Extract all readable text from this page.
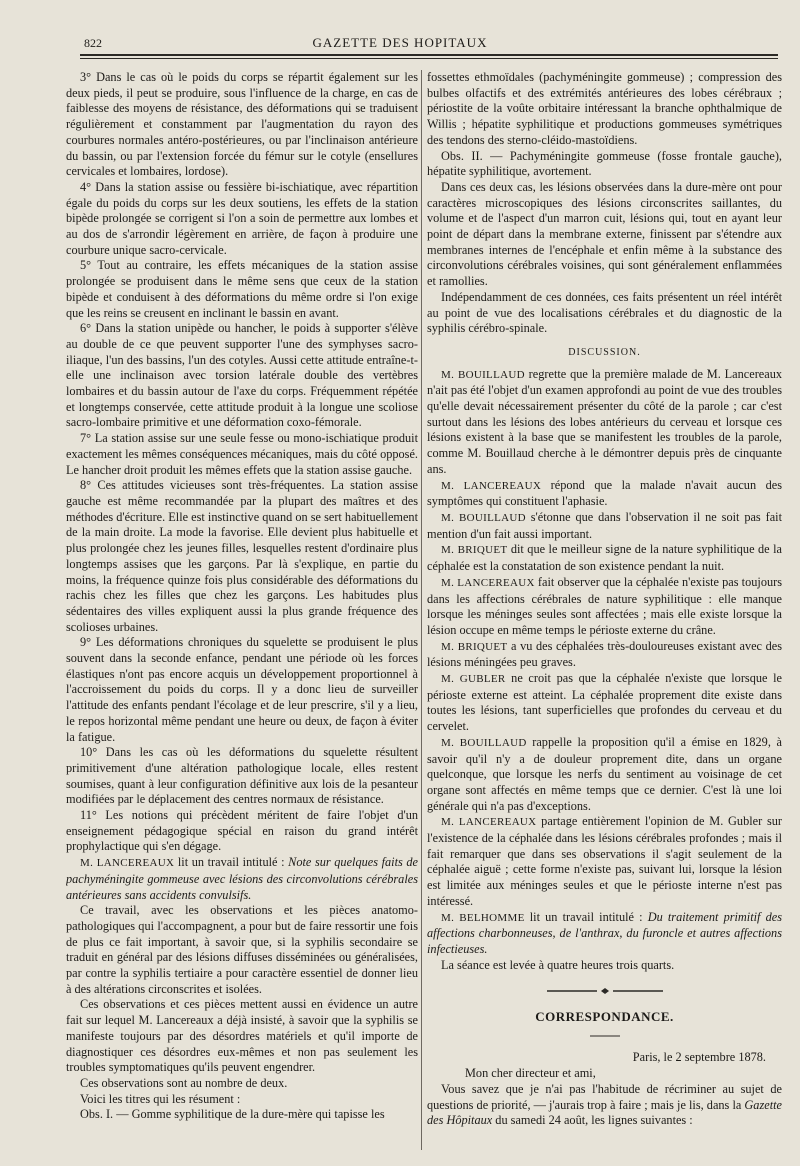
822	GAZETTE DES HOPITAUX

3° Dans le cas où le poids du corps se répartit également sur les deux pieds, il peut se produire, sous l'influence de la charge, en cas de faiblesse des moyens de résistance, des déformations qui se traduisent régulièrement et constamment par l'augmentation du rayon des courbures normales antéro-postérieures, ou par l'inclinaison antérieure du bassin, ou par l'extension forcée du fémur sur le cotyle (ensellures cervicales et lombaires, lordose).

4° Dans la station assise ou fessière bi-ischiatique, avec répartition égale du poids du corps sur les deux soutiens, les effets de la station bipède prolongée se corrigent si l'on a soin de permettre aux lombes et au dos de s'arrondir légèrement en arrière, de façon à produire une courbure unique sacro-cervicale.

5° Tout au contraire, les effets mécaniques de la station assise prolongée se produisent dans le même sens que ceux de la station bipède et conduisent à des déformations du même ordre si l'on exige que les reins se creusent en inclinant le bassin en avant.

6° Dans la station unipède ou hancher, le poids à supporter s'élève au double de ce que peuvent supporter l'une des symphyses sacro-iliaque, l'un des bassins, l'un des cotyles. Aussi cette attitude entraîne-t-elle une inclinaison avec torsion latérale double des vertèbres lombaires et du bassin autour de l'axe du corps. Fréquemment répétée et longtemps conservée, cette attitude produit à la longue une scoliose sacro-lombaire primitive et une déformation coxo-fémorale.

7° La station assise sur une seule fesse ou mono-ischiatique produit exactement les mêmes conséquences mécaniques, mais du côté opposé. Le hancher droit produit les mêmes effets que la station assise gauche.

8° Ces attitudes vicieuses sont très-fréquentes. La station assise gauche est même recommandée par la plupart des maîtres et des méthodes d'écriture. Elle est instinctive quand on se sert habituellement de la main droite. La mode la favorise. Elle devient plus habituelle et plus prolongée chez les jeunes filles, lesquelles restent d'ordinaire plus longtemps assises que les garçons. Par là s'explique, en partie du moins, la fréquence quinze fois plus considérable des déformations du rachis chez les filles que chez les garçons. Les habitudes plus sédentaires des villes expliquent aussi la plus grande fréquence des scolioses urbaines.

9° Les déformations chroniques du squelette se produisent le plus souvent dans la seconde enfance, pendant une période où les forces élastiques n'ont pas encore acquis un développement proportionnel à l'accroissement du poids du corps. Il y a donc lieu de surveiller l'attitude des enfants pendant l'écolage et de leur prescrire, s'il y a lieu, le repos horizontal même pendant une heure ou deux, de façon à éviter la fatigue.

10° Dans les cas où les déformations du squelette résultent primitivement d'une altération pathologique locale, elles restent soumises, quant à leur configuration définitive aux lois de la pesanteur modifiées par le déplacement des centres normaux de résistance.

11° Les notions qui précèdent méritent de faire l'objet d'un enseignement pédagogique spécial en raison du grand intérêt prophylactique qui s'en dégage.

M. LANCEREAUX lit un travail intitulé : Note sur quelques faits de pachyméningite gommeuse avec lésions des circonvolutions cérébrales antérieures sans accidents convulsifs.

Ce travail, avec les observations et les pièces anatomo-pathologiques qui l'accompagnent, a pour but de faire ressortir une fois de plus ce fait important, à savoir que, si la syphilis secondaire se traduit en général par des lésions diffuses disséminées ou généralisées, par contre la syphilis tertiaire a pour caractère essentiel de donner lieu à des altérations circonscrites et isolées.

Ces observations et ces pièces mettent aussi en évidence un autre fait sur lequel M. Lancereaux a déjà insisté, à savoir que la syphilis se manifeste toujours par des désordres matériels et qu'il importe de diagnostiquer ces désordres eux-mêmes et non pas seulement les troubles symptomatiques qu'ils peuvent engendrer.

Ces observations sont au nombre de deux.

Voici les titres qui les résument :

Obs. I. — Gomme syphilitique de la dure-mère qui tapisse les

fossettes ethmoïdales (pachyméningite gommeuse) ; compression des bulbes olfactifs et des extrémités antérieures des lobes cérébraux ; périostite de la voûte orbitaire intéressant la branche ophthalmique de Willis ; hépatite syphilitique et productions gommeuses symétriques des tendons des sterno-cléido-mastoïdiens.

Obs. II. — Pachyméningite gommeuse (fosse frontale gauche), hépatite syphilitique, avortement.

Dans ces deux cas, les lésions observées dans la dure-mère ont pour caractères microscopiques des lésions circonscrites saillantes, du volume et de l'aspect d'un marron cuit, lésions qui, tout en ayant leur point de départ dans la membrane externe, finissent par s'étendre aux membranes internes de l'encéphale et enfin même à la substance des circonvolutions cérébrales voisines, qui sont généralement enflammées et ramollies.

Indépendamment de ces données, ces faits présentent un réel intérêt au point de vue des localisations cérébrales et du diagnostic de la syphilis cérébro-spinale.

DISCUSSION.

M. BOUILLAUD regrette que la première malade de M. Lancereaux n'ait pas été l'objet d'un examen approfondi au point de vue des troubles qu'elle devait nécessairement présenter du côté de la parole ; car c'est surtout dans les lésions des lobes antérieurs du cerveau et lorsque ces lésions existent à la base que se manifestent les troubles de la parole, comme M. Bouillaud cherche à le démontrer depuis près de cinquante ans.

M. LANCEREAUX répond que la malade n'avait aucun des symptômes qui constituent l'aphasie.

M. BOUILLAUD s'étonne que dans l'observation il ne soit pas fait mention d'un fait aussi important.

M. BRIQUET dit que le meilleur signe de la nature syphilitique de la céphalée est la constatation de son existence pendant la nuit.

M. LANCEREAUX fait observer que la céphalée n'existe pas toujours dans les affections cérébrales de nature syphilitique : elle manque lorsque les méninges seules sont affectées ; mais elle existe lorsque la lésion occupe en même temps le périoste externe du crâne.

M. BRIQUET a vu des céphalées très-douloureuses existant avec des lésions méningées peu graves.

M. GUBLER ne croit pas que la céphalée n'existe que lorsque le périoste externe est atteint. La céphalée proprement dite existe dans toutes les lésions, tant superficielles que profondes du cerveau et du cervelet.

M. BOUILLAUD rappelle la proposition qu'il a émise en 1829, à savoir qu'il n'y a de douleur proprement dite, dans un organe quelconque, que lorsque les nerfs du sentiment au voisinage de cet organe sont affectés en même temps que ce dernier. C'est là une loi générale qui n'a pas d'exceptions.

M. LANCEREAUX partage entièrement l'opinion de M. Gubler sur l'existence de la céphalée dans les lésions cérébrales profondes ; mais il fait remarquer que dans ses observations il s'agit seulement de la céphalée aiguë ; cette forme n'existe pas, suivant lui, lorsque la lésion est limitée aux méninges seules et que le périoste interne n'est pas intéressé.

M. BELHOMME lit un travail intitulé : Du traitement primitif des affections charbonneuses, de l'anthrax, du furoncle et autres affections infectieuses.

La séance est levée à quatre heures trois quarts.

CORRESPONDANCE.

Paris, le 2 septembre 1878.

Mon cher directeur et ami,

Vous savez que je n'ai pas l'habitude de récriminer au sujet de questions de priorité, — j'aurais trop à faire ; mais je lis, dans la Gazette des Hôpitaux du samedi 24 août, les lignes suivantes :
